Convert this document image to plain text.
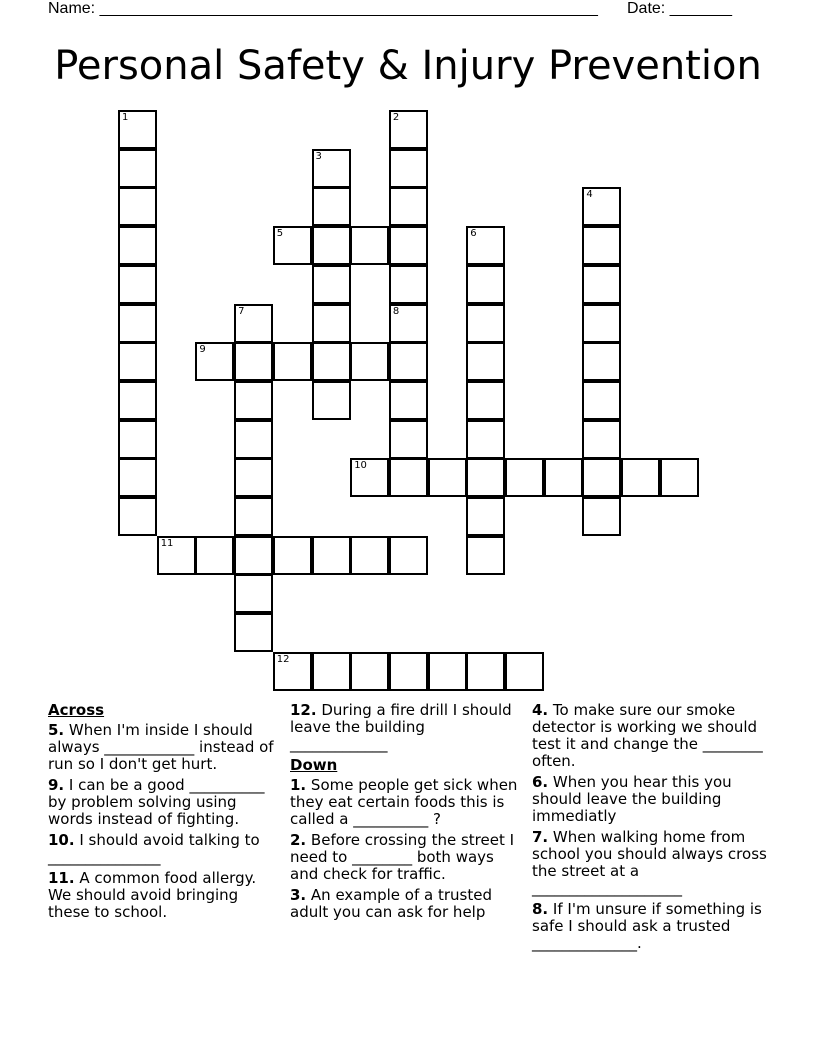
Name: ________________________________________________________ Date: _______
Personal Safety & Injury Prevention
1	2
8
3
4
5	6
7
9
10
11
12
Across
5. When I'm inside I should always ____________ instead of run so I don't get hurt.
9. I can be a good __________ by problem solving using words instead of fighting.
10. I should avoid talking to _______________
11. A common food allergy. We should avoid bringing these to school.
12. During a fire drill I should leave the building _____________
Down
1. Some people get sick when they eat certain foods this is called a __________ ?
2. Before crossing the street I need to ________ both ways and check for traffic.
3. An example of a trusted adult you can ask for help
4. To make sure our smoke detector is working we should test it and change the ________ often.
6. When you hear this you should leave the building immediatly
7. When walking home from school you should always cross the street at a ____________________
8. If I'm unsure if something is safe I should ask a trusted ______________.
